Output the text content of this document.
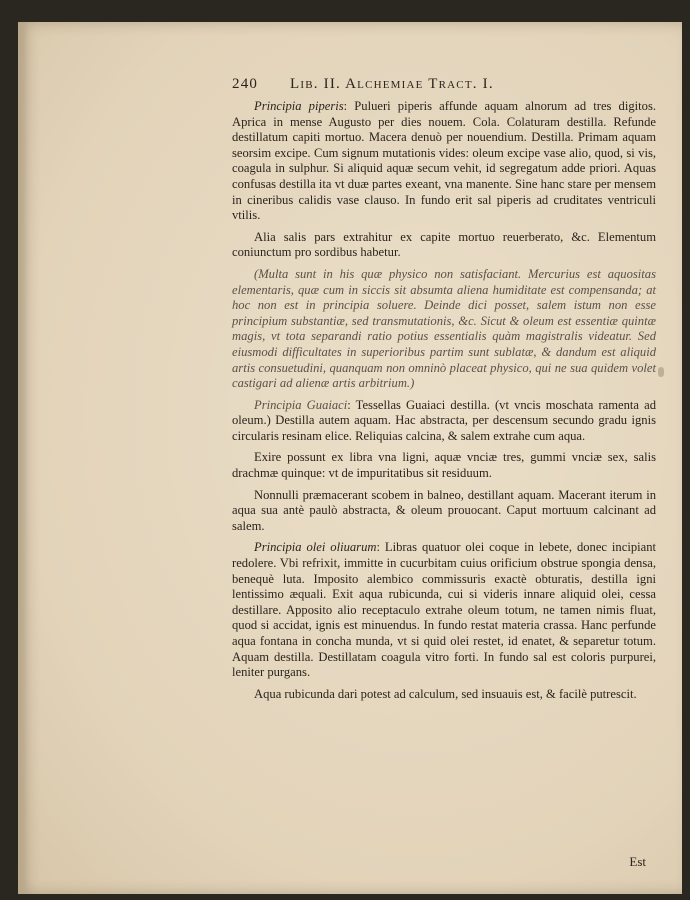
240 Lib. II. Alchemiae Tract. I.

Principia piperis: Pulueri piperis affunde aquam alnorum ad tres digitos. Aprica in mense Augusto per dies nouem. Cola. Colaturam destilla. Refunde destillatum capiti mortuo. Macera denuò per nouendium. Destilla. Primam aquam seorsim excipe. Cum signum mutationis vides: oleum excipe vase alio, quod, si vis, coagula in sulphur. Si aliquid aquæ secum vehit, id segregatum adde priori. Aquas confusas destilla ita vt duæ partes exeant, vna manente. Sine hanc stare per mensem in cineribus calidis vase clauso. In fundo erit sal piperis ad cruditates ventriculi vtilis.

Alia salis pars extrahitur ex capite mortuo reuerberato, &c. Elementum coniunctum pro sordibus habetur.

(Multa sunt in his quæ physico non satisfaciant. Mercurius est aquositas elementaris, quæ cum in siccis sit absumta aliena humiditate est compensanda; at hoc non est in principia soluere. Deinde dici posset, salem istum non esse principium substantiæ, sed transmutationis, &c. Sicut & oleum est essentiæ quintæ magis, vt tota separandi ratio potius essentialis quàm magistralis videatur. Sed eiusmodi difficultates in superioribus partim sunt sublatæ, & dandum est aliquid artis consuetudini, quanquam non omninò placeat physico, qui ne sua quidem volet castigari ad alienæ artis arbitrium.)

Principia Guaiaci: Tessellas Guaiaci destilla. (vt vncis moschata ramenta ad oleum.) Destilla autem aquam. Hac abstracta, per descensum secundo gradu ignis circularis resinam elice. Reliquias calcina, & salem extrahe cum aqua.

Exire possunt ex libra vna ligni, aquæ vnciæ tres, gummi vnciæ sex, salis drachmæ quinque: vt de impuritatibus sit residuum.

Nonnulli præmacerant scobem in balneo, destillant aquam. Macerant iterum in aqua sua antè paulò abstracta, & oleum prouocant. Caput mortuum calcinant ad salem.

Principia olei oliuarum: Libras quatuor olei coque in lebete, donec incipiant redolere. Vbi refrixit, immitte in cucurbitam cuius orificium obstrue spongia densa, benequè luta. Imposito alembico commissuris exactè obturatis, destilla igni lentissimo æquali. Exit aqua rubicunda, cui si videris innare aliquid olei, cessa destillare. Apposito alio receptaculo extrahe oleum totum, ne tamen nimis fluat, quod si accidat, ignis est minuendus. In fundo restat materia crassa. Hanc perfunde aqua fontana in concha munda, vt si quid olei restet, id enatet, & separetur totum. Aquam destilla. Destillatam coagula vitro forti. In fundo sal est coloris purpurei, leniter purgans.

Aqua rubicunda dari potest ad calculum, sed insuauis est, & facilè putrescit.

Est
